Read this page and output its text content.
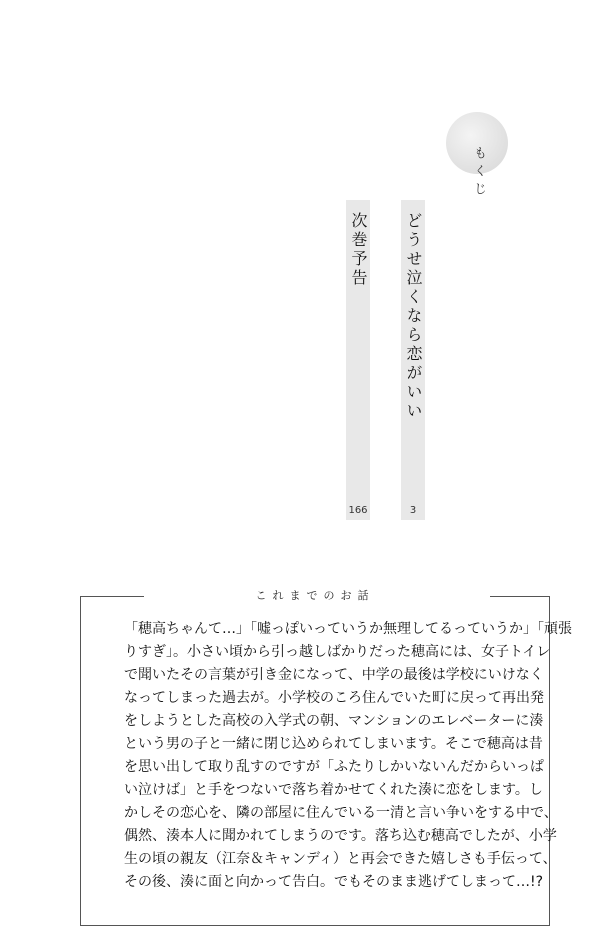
もくじ
どうせ泣くなら恋がいい
3
次巻予告
166
これまでのお話
「穂高ちゃんて…」「嘘っぽいっていうか無理してるっていうか」「頑張
りすぎ」。小さい頃から引っ越しばかりだった穂高には、女子トイレ
で聞いたその言葉が引き金になって、中学の最後は学校にいけなく
なってしまった過去が。小学校のころ住んでいた町に戻って再出発
をしようとした高校の入学式の朝、マンションのエレベーターに湊
という男の子と一緒に閉じ込められてしまいます。そこで穂高は昔
を思い出して取り乱すのですが「ふたりしかいないんだからいっぱ
い泣けば」と手をつないで落ち着かせてくれた湊に恋をします。し
かしその恋心を、隣の部屋に住んでいる一清と言い争いをする中で、
偶然、湊本人に聞かれてしまうのです。落ち込む穂高でしたが、小学
生の頃の親友（江奈＆キャンディ）と再会できた嬉しさも手伝って、
その後、湊に面と向かって告白。でもそのまま逃げてしまって…!?
